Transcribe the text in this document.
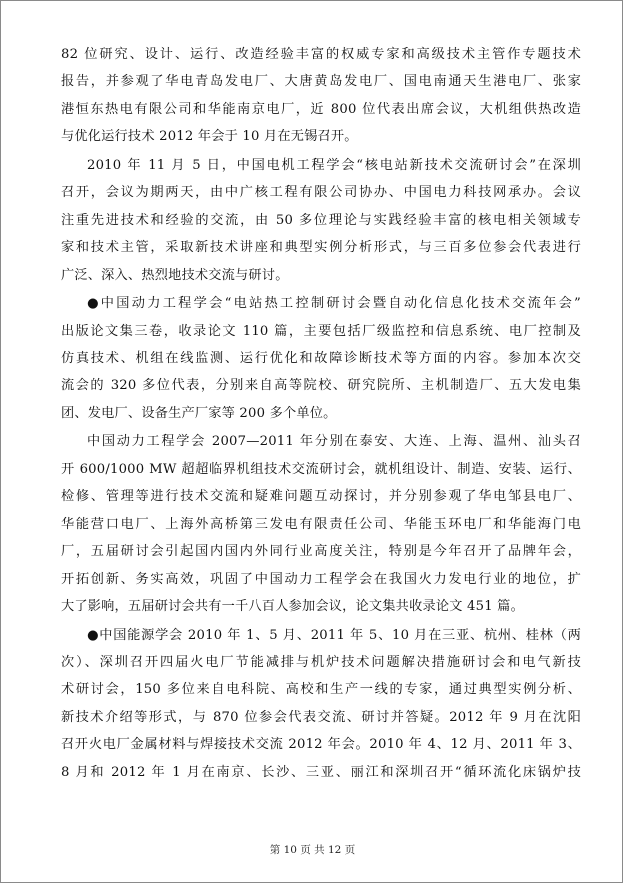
82 位研究、设计、运行、改造经验丰富的权威专家和高级技术主管作专题技术
报告，并参观了华电青岛发电厂、大唐黄岛发电厂、国电南通天生港电厂、张家
港恒东热电有限公司和华能南京电厂，近 800 位代表出席会议，大机组供热改造
与优化运行技术 2012 年会于 10 月在无锡召开。

2010 年 11 月 5 日，中国电机工程学会“核电站新技术交流研讨会”在深圳
召开，会议为期两天，由中广核工程有限公司协办、中国电力科技网承办。会议
注重先进技术和经验的交流，由 50 多位理论与实践经验丰富的核电相关领域专
家和技术主管，采取新技术讲座和典型实例分析形式，与三百多位参会代表进行
广泛、深入、热烈地技术交流与研讨。

●中国动力工程学会“电站热工控制研讨会暨自动化信息化技术交流年会”
出版论文集三卷，收录论文 110 篇，主要包括厂级监控和信息系统、电厂控制及
仿真技术、机组在线监测、运行优化和故障诊断技术等方面的内容。参加本次交
流会的 320 多位代表，分别来自高等院校、研究院所、主机制造厂、五大发电集
团、发电厂、设备生产厂家等 200 多个单位。

中国动力工程学会 2007—2011 年分别在泰安、大连、上海、温州、汕头召
开 600/1000 MW 超超临界机组技术交流研讨会，就机组设计、制造、安装、运行、
检修、管理等进行技术交流和疑难问题互动探讨，并分别参观了华电邹县电厂、
华能营口电厂、上海外高桥第三发电有限责任公司、华能玉环电厂和华能海门电
厂，五届研讨会引起国内国内外同行业高度关注，特别是今年召开了品牌年会，
开拓创新、务实高效，巩固了中国动力工程学会在我国火力发电行业的地位，扩
大了影响，五届研讨会共有一千八百人参加会议，论文集共收录论文 451 篇。

●中国能源学会 2010 年 1、5 月、2011 年 5、10 月在三亚、杭州、桂林（两
次）、深圳召开四届火电厂节能减排与机炉技术问题解决措施研讨会和电气新技
术研讨会，150 多位来自电科院、高校和生产一线的专家，通过典型实例分析、
新技术介绍等形式，与 870 位参会代表交流、研讨并答疑。2012 年 9 月在沈阳
召开火电厂金属材料与焊接技术交流 2012 年会。2010 年 4、12 月、2011 年 3、
8 月和 2012 年 1 月在南京、长沙、三亚、丽江和深圳召开“循环流化床锅炉技

第 10 页 共 12 页
